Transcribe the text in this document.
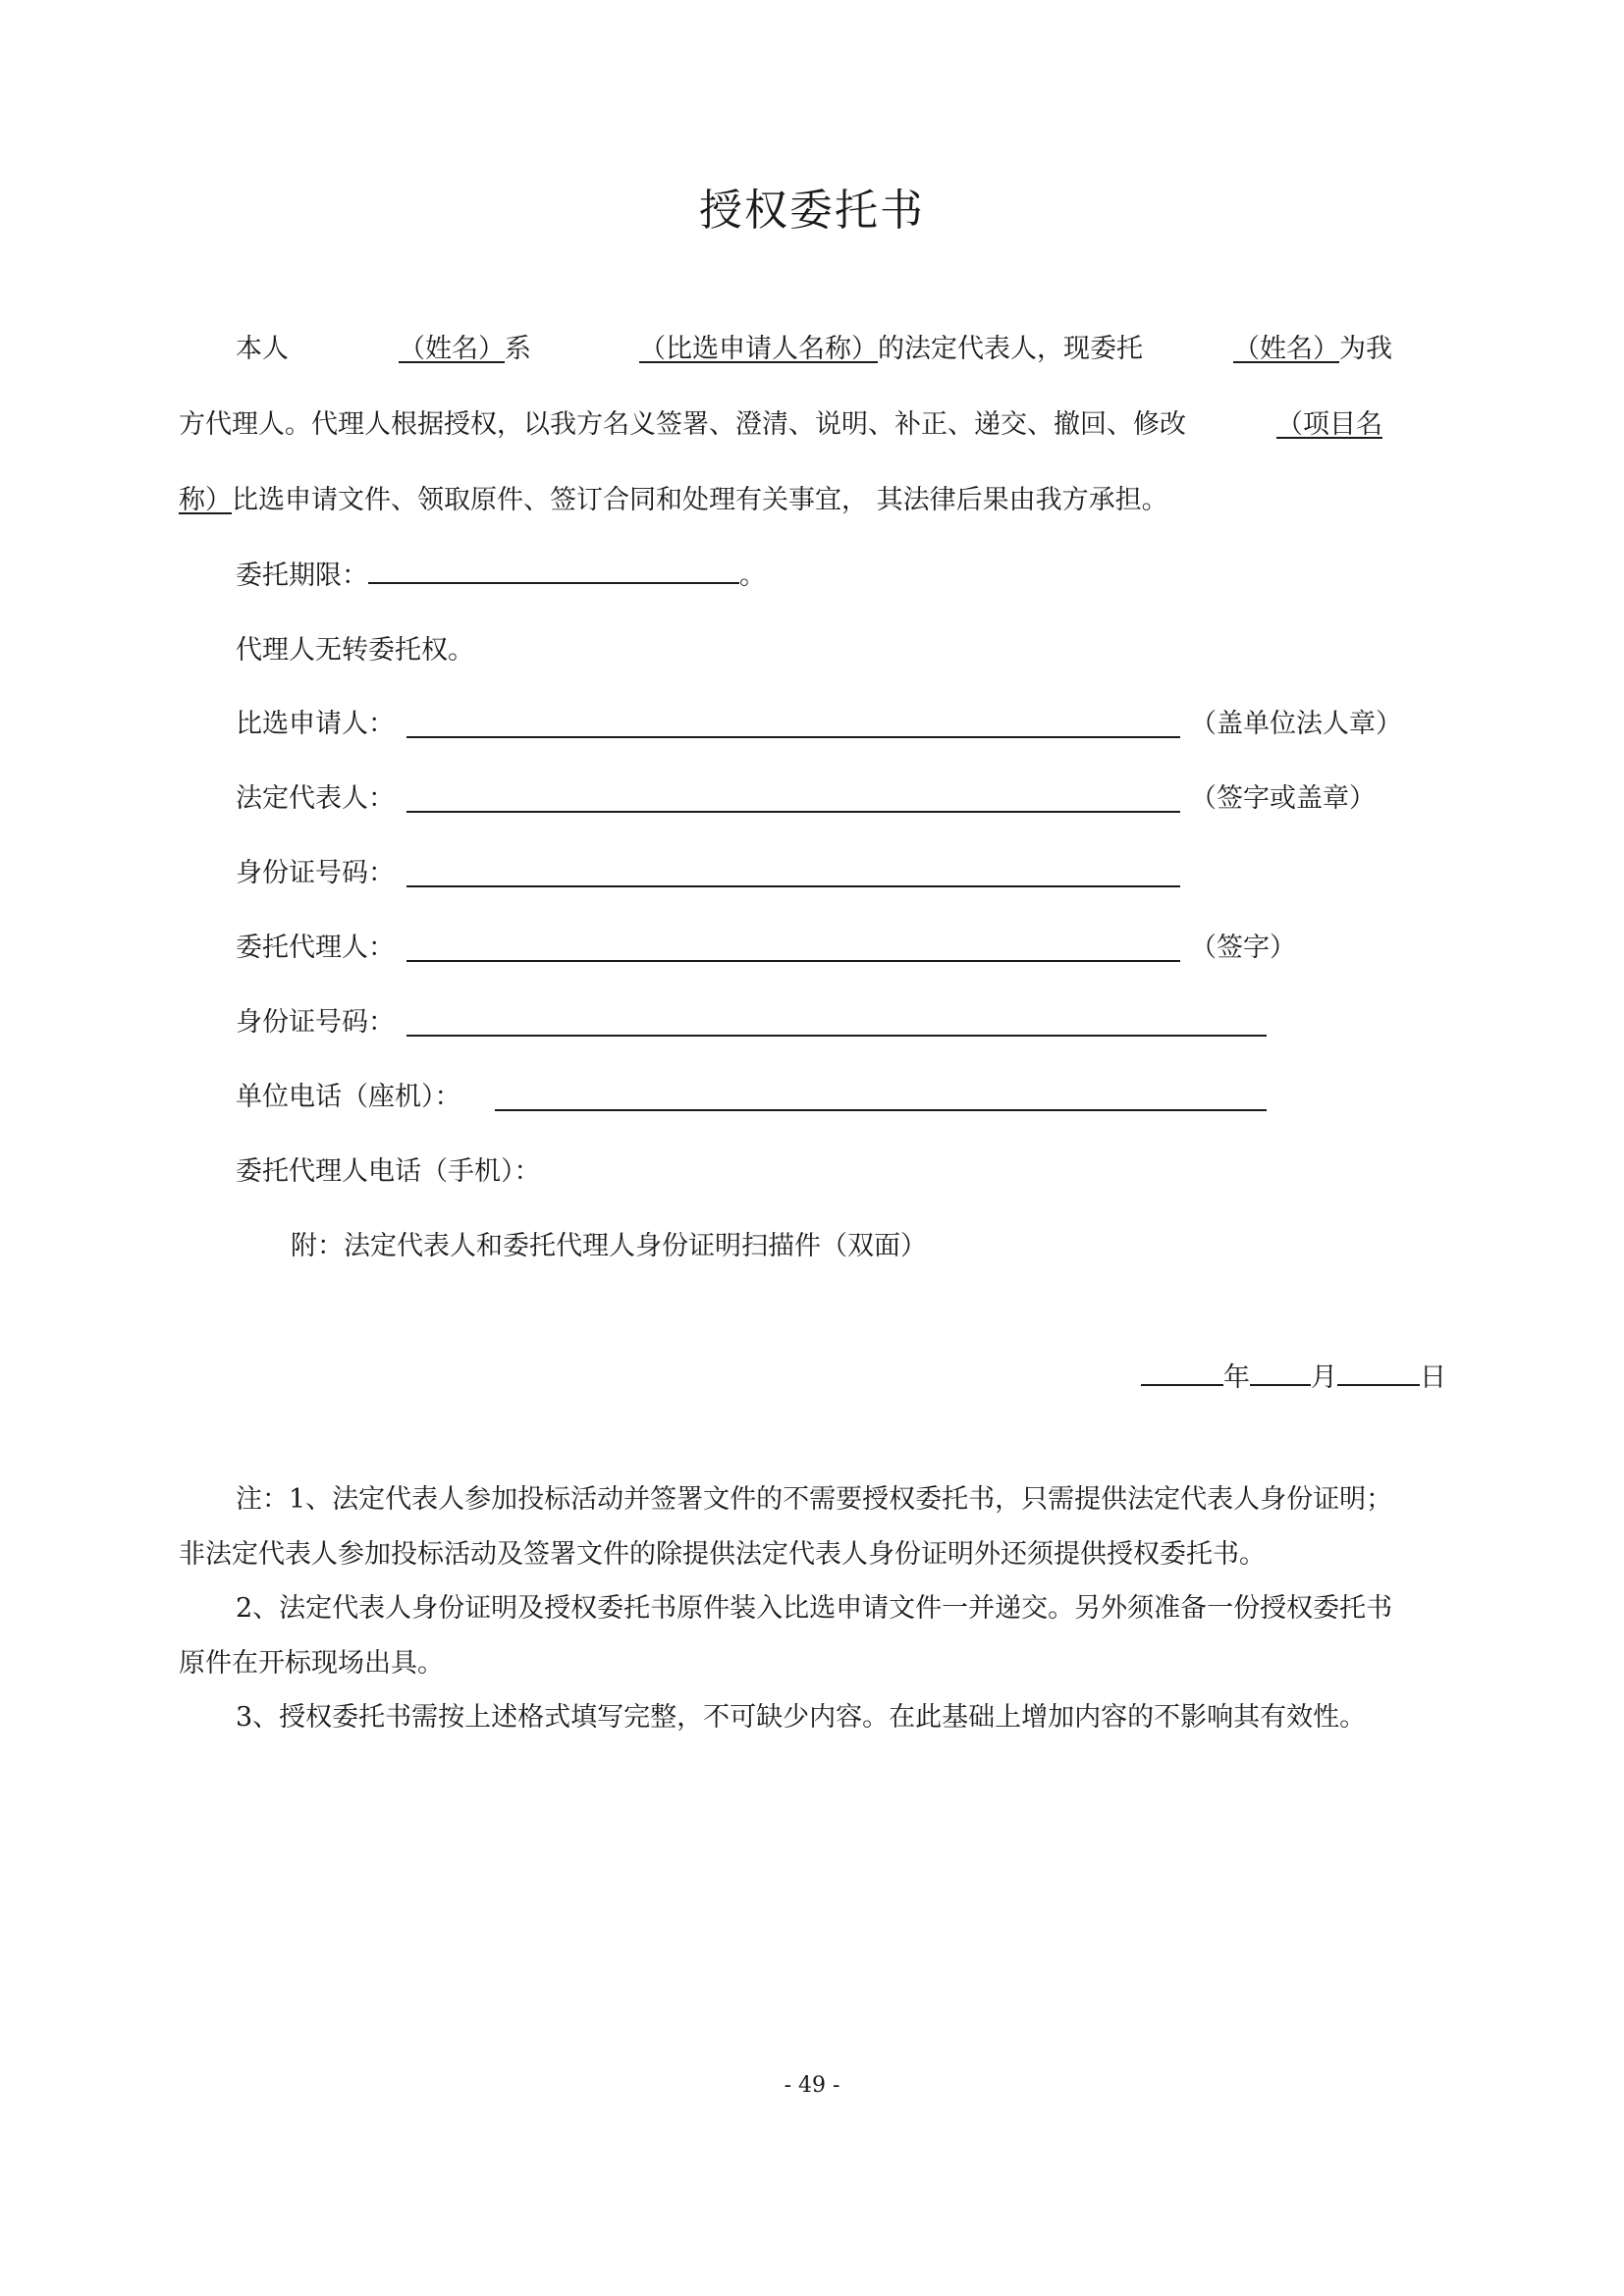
授权委托书
本人	（姓名）系	（比选申请人名称）的法定代表人，现委托	（姓名）为我
方代理人。代理人根据授权，以我方名义签署、澄清、说明、补正、递交、撤回、修改	（项目名
称）比选申请文件、领取原件、签订合同和处理有关事宜， 其法律后果由我方承担。
委托期限：	。
代理人无转委托权。
比选申请人：	（盖单位法人章）
法定代表人：	（签字或盖章）
身份证号码：
委托代理人：	（签字）
身份证号码：
单位电话（座机）：
委托代理人电话（手机）：
附：法定代表人和委托代理人身份证明扫描件（双面）
年 月	日
注：1、法定代表人参加投标活动并签署文件的不需要授权委托书，只需提供法定代表人身份证明；
非法定代表人参加投标活动及签署文件的除提供法定代表人身份证明外还须提供授权委托书。
2、法定代表人身份证明及授权委托书原件装入比选申请文件一并递交。另外须准备一份授权委托书
原件在开标现场出具。
3、授权委托书需按上述格式填写完整，不可缺少内容。在此基础上增加内容的不影响其有效性。
- 49 -
